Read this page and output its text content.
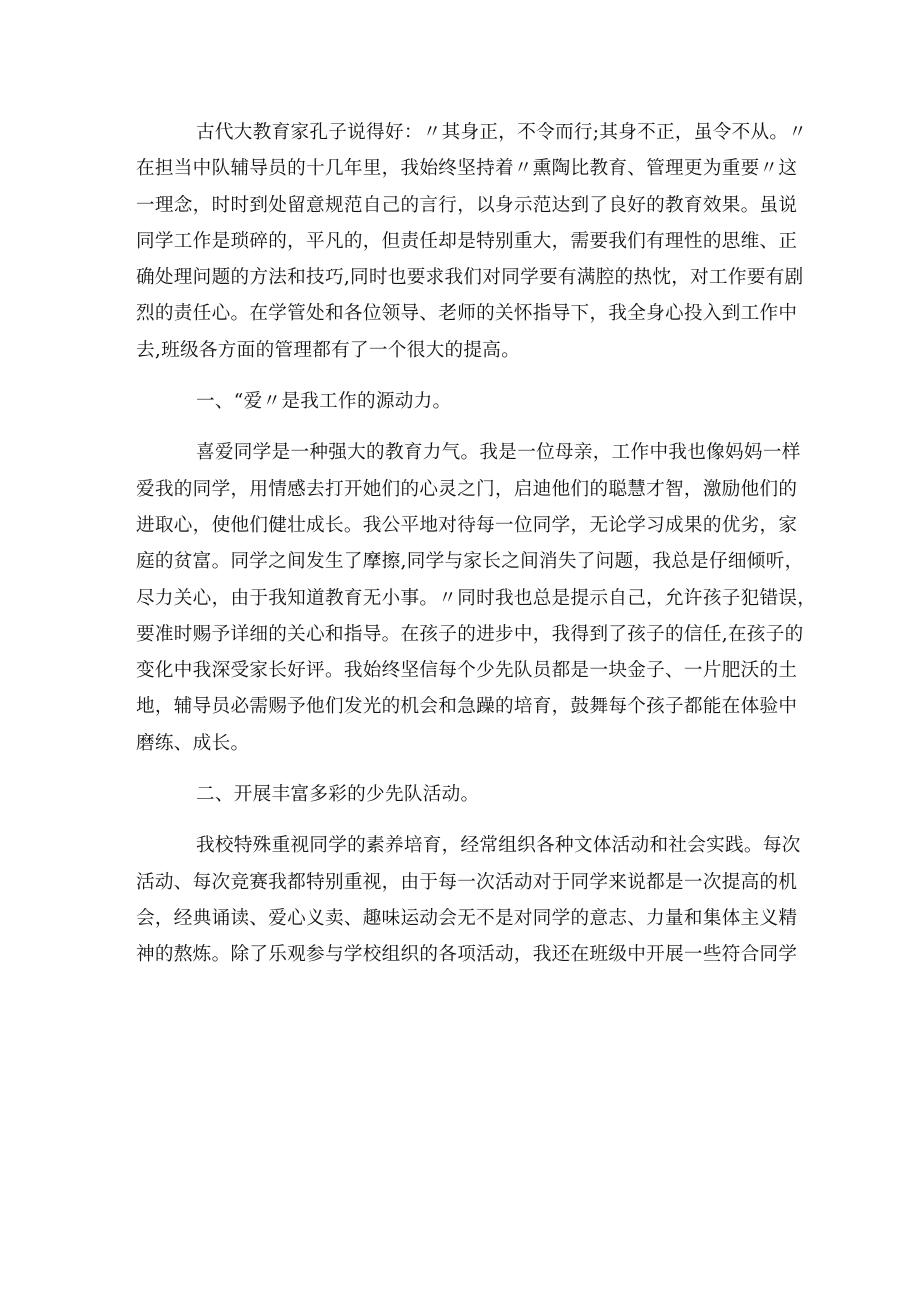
古代大教育家孔子说得好：〃其身正，不令而行;其身不正，虽令不从。〃
在担当中队辅导员的十几年里，我始终坚持着〃熏陶比教育、管理更为重要〃这
一理念，时时到处留意规范自己的言行，以身示范达到了良好的教育效果。虽说
同学工作是琐碎的，平凡的，但责任却是特别重大，需要我们有理性的思维、正
确处理问题的方法和技巧,同时也要求我们对同学要有满腔的热忱，对工作要有剧
烈的责任心。在学管处和各位领导、老师的关怀指导下，我全身心投入到工作中
去,班级各方面的管理都有了一个很大的提高。
一、“爱〃是我工作的源动力。
喜爱同学是一种强大的教育力气。我是一位母亲，工作中我也像妈妈一样
爱我的同学，用情感去打开她们的心灵之门，启迪他们的聪慧才智，激励他们的
进取心，使他们健壮成长。我公平地对待每一位同学，无论学习成果的优劣，家
庭的贫富。同学之间发生了摩擦,同学与家长之间消失了问题，我总是仔细倾听，
尽力关心，由于我知道教育无小事。〃同时我也总是提示自己，允许孩子犯错误，
要准时赐予详细的关心和指导。在孩子的进步中，我得到了孩子的信任,在孩子的
变化中我深受家长好评。我始终坚信每个少先队员都是一块金子、一片肥沃的土
地，辅导员必需赐予他们发光的机会和急躁的培育，鼓舞每个孩子都能在体验中
磨练、成长。
二、开展丰富多彩的少先队活动。
我校特殊重视同学的素养培育，经常组织各种文体活动和社会实践。每次
活动、每次竞赛我都特别重视，由于每一次活动对于同学来说都是一次提高的机
会，经典诵读、爱心义卖、趣味运动会无不是对同学的意志、力量和集体主义精
神的熬炼。除了乐观参与学校组织的各项活动，我还在班级中开展一些符合同学
